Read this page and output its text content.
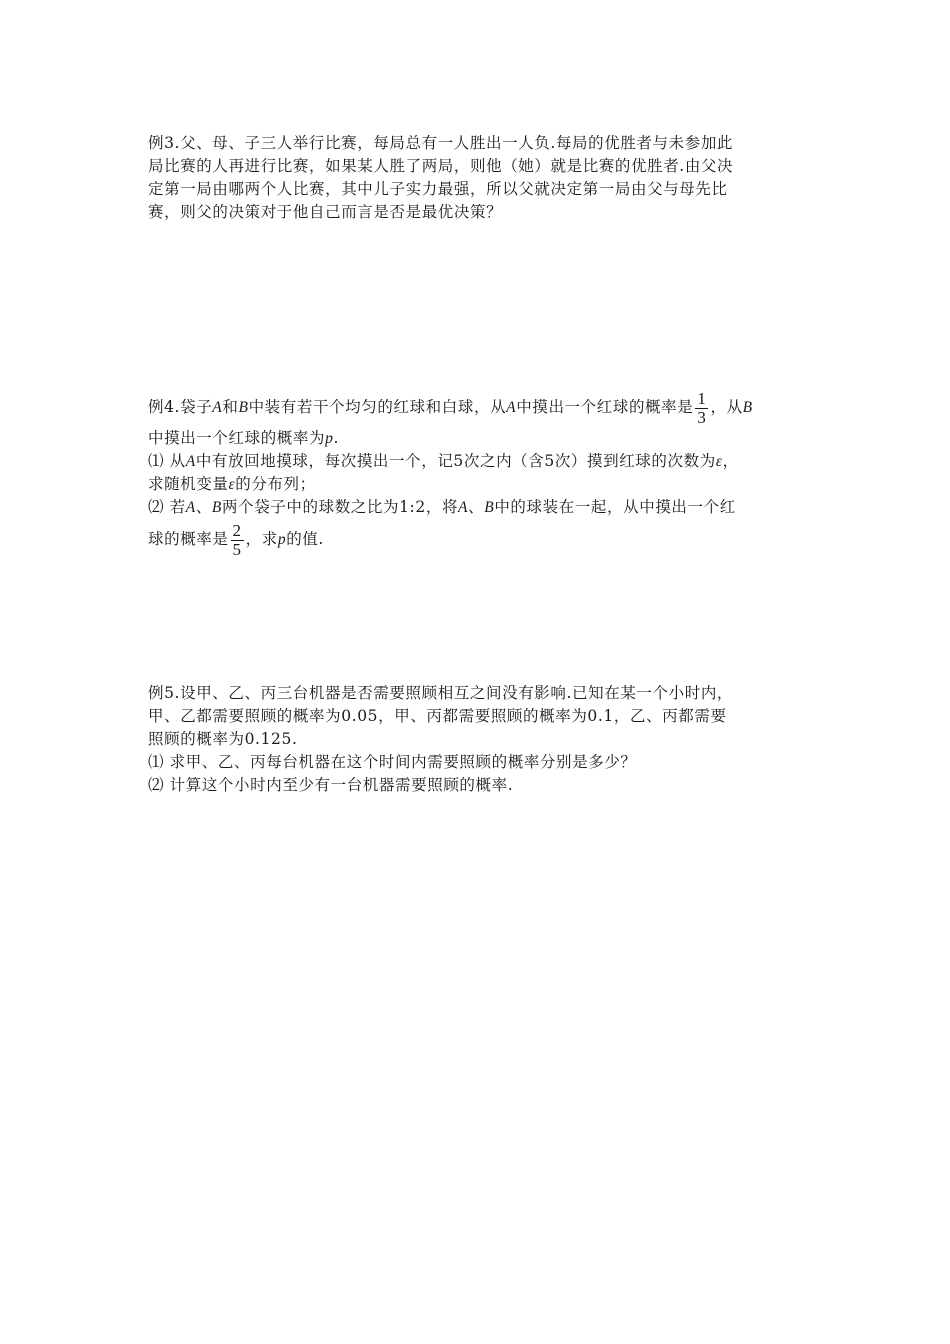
例3.父、母、子三人举行比赛，每局总有一人胜出一人负.每局的优胜者与未参加此
局比赛的人再进行比赛，如果某人胜了两局，则他（她）就是比赛的优胜者.由父决
定第一局由哪两个人比赛，其中儿子实力最强，所以父就决定第一局由父与母先比
赛，则父的决策对于他自己而言是否是最优决策？
例4.袋子A和B中装有若干个均匀的红球和白球，从A中摸出一个红球的概率是 $\frac{1}{3}$ ，从B
中摸出一个红球的概率为p.
⑴ 从A中有放回地摸球，每次摸出一个，记5次之内（含5次）摸到红球的次数为ε，
求随机变量ε的分布列；
⑵ 若A、B两个袋子中的球数之比为1:2，将A、B中的球装在一起，从中摸出一个红
球的概率是 $\frac{2}{5}$ ，求p的值.
例5.设甲、乙、丙三台机器是否需要照顾相互之间没有影响.已知在某一个小时内，
甲、乙都需要照顾的概率为0.05，甲、丙都需要照顾的概率为0.1，乙、丙都需要
照顾的概率为0.125.
⑴ 求甲、乙、丙每台机器在这个时间内需要照顾的概率分别是多少？
⑵ 计算这个小时内至少有一台机器需要照顾的概率.
